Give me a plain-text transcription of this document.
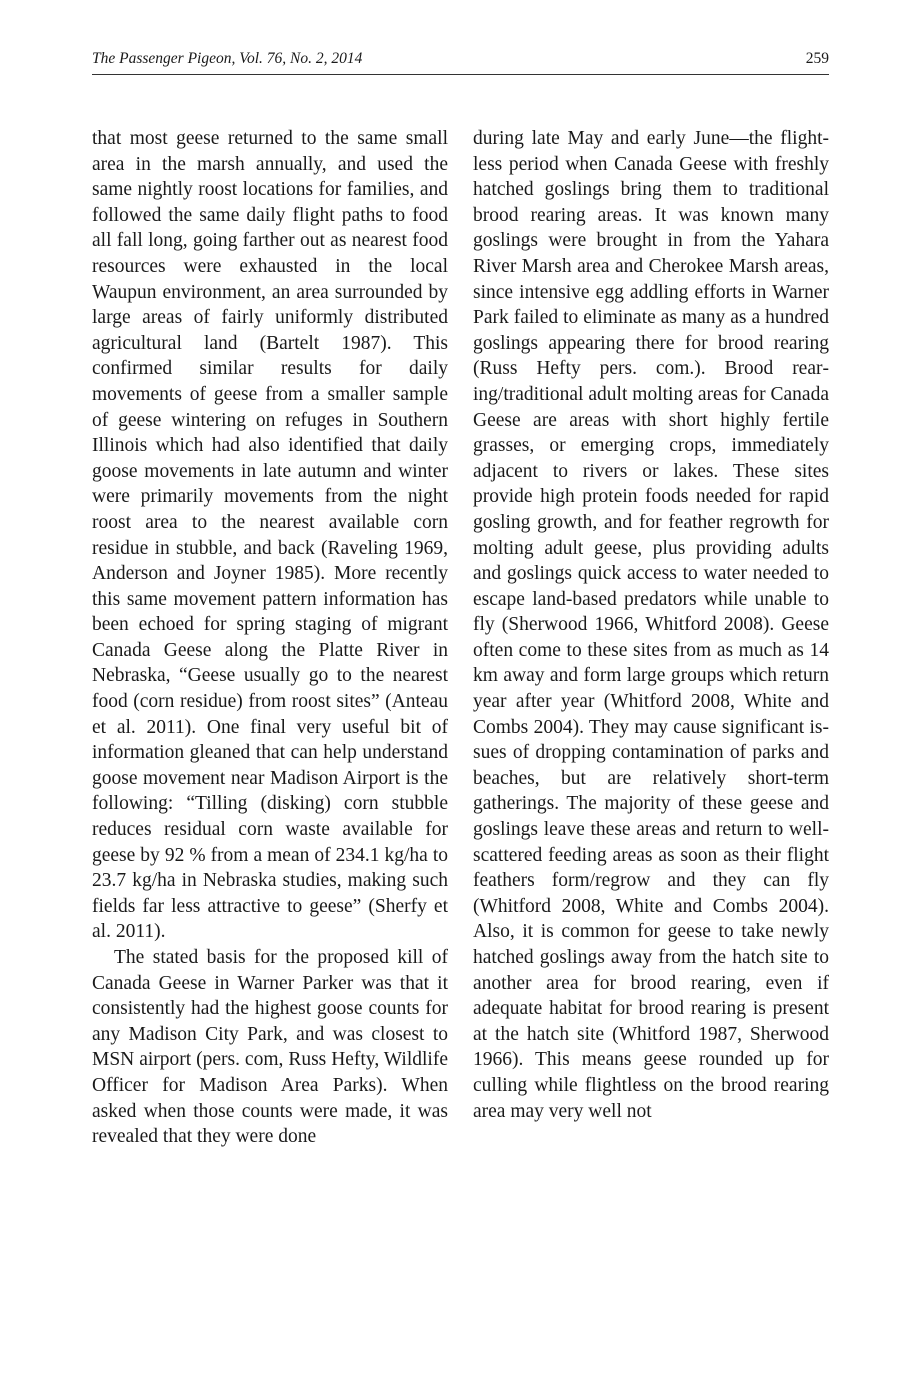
The Passenger Pigeon, Vol. 76, No. 2, 2014	259

that most geese returned to the same small area in the marsh annually, and used the same nightly roost locations for families, and followed the same daily flight paths to food all fall long, going farther out as nearest food resources were exhausted in the local Waupun environment, an area surrounded by large areas of fairly uniformly distributed agricultural land (Bartelt 1987). This confirmed similar results for daily movements of geese from a smaller sample of geese wintering on refuges in Southern Illinois which had also identified that daily goose movements in late autumn and winter were primarily movements from the night roost area to the nearest available corn residue in stubble, and back (Raveling 1969, Anderson and Joyner 1985). More recently this same movement pattern information has been echoed for spring staging of migrant Canada Geese along the Platte River in Nebraska, “Geese usually go to the nearest food (corn residue) from roost sites” (Anteau et al. 2011). One final very useful bit of information gleaned that can help understand goose movement near Madison Airport is the following: “Tilling (disking) corn stubble reduces residual corn waste available for geese by 92 % from a mean of 234.1 kg/ha to 23.7 kg/ha in Nebraska studies, making such fields far less attractive to geese” (Sherfy et al. 2011).

The stated basis for the proposed kill of Canada Geese in Warner Parker was that it consistently had the highest goose counts for any Madison City Park, and was closest to MSN airport (pers. com, Russ Hefty, Wildlife Officer for Madison Area Parks). When asked when those counts were made, it was revealed that they were done

during late May and early June—the flight-less period when Canada Geese with freshly hatched goslings bring them to traditional brood rearing areas. It was known many goslings were brought in from the Yahara River Marsh area and Cherokee Marsh areas, since intensive egg addling efforts in Warner Park failed to eliminate as many as a hundred goslings appearing there for brood rearing (Russ Hefty pers. com.). Brood rearing/traditional adult molting areas for Canada Geese are areas with short highly fertile grasses, or emerging crops, immediately adjacent to rivers or lakes. These sites provide high protein foods needed for rapid gosling growth, and for feather regrowth for molting adult geese, plus providing adults and goslings quick access to water needed to escape land-based predators while unable to fly (Sherwood 1966, Whitford 2008). Geese often come to these sites from as much as 14 km away and form large groups which return year after year (Whitford 2008, White and Combs 2004). They may cause significant issues of dropping contamination of parks and beaches, but are relatively short-term gatherings. The majority of these geese and goslings leave these areas and return to well-scattered feeding areas as soon as their flight feathers form/regrow and they can fly (Whitford 2008, White and Combs 2004). Also, it is common for geese to take newly hatched goslings away from the hatch site to another area for brood rearing, even if adequate habitat for brood rearing is present at the hatch site (Whitford 1987, Sherwood 1966). This means geese rounded up for culling while flightless on the brood rearing area may very well not
